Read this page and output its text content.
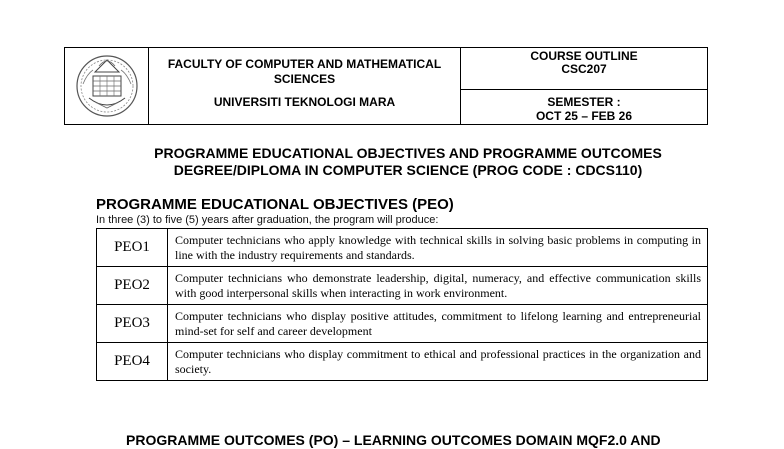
FACULTY OF COMPUTER AND MATHEMATICAL SCIENCES
UNIVERSITI TEKNOLOGI MARA
COURSE OUTLINE
CSC207
SEMESTER :
OCT 25 – FEB 26
PROGRAMME EDUCATIONAL OBJECTIVES AND PROGRAMME OUTCOMES
DEGREE/DIPLOMA IN COMPUTER SCIENCE (PROG CODE : CDCS110)
PROGRAMME EDUCATIONAL OBJECTIVES (PEO)
In three (3) to five (5) years after graduation, the program will produce:
PEO1	Computer technicians who apply knowledge with technical skills in solving basic problems in computing in line with the industry requirements and standards.
PEO2	Computer technicians who demonstrate leadership, digital, numeracy, and effective communication skills with good interpersonal skills when interacting in work environment.
PEO3	Computer technicians who display positive attitudes, commitment to lifelong learning and entrepreneurial mind-set for self and career development
PEO4	Computer technicians who display commitment to ethical and professional practices in the organization and society.
PROGRAMME OUTCOMES (PO) – LEARNING OUTCOMES DOMAIN MQF2.0 AND
